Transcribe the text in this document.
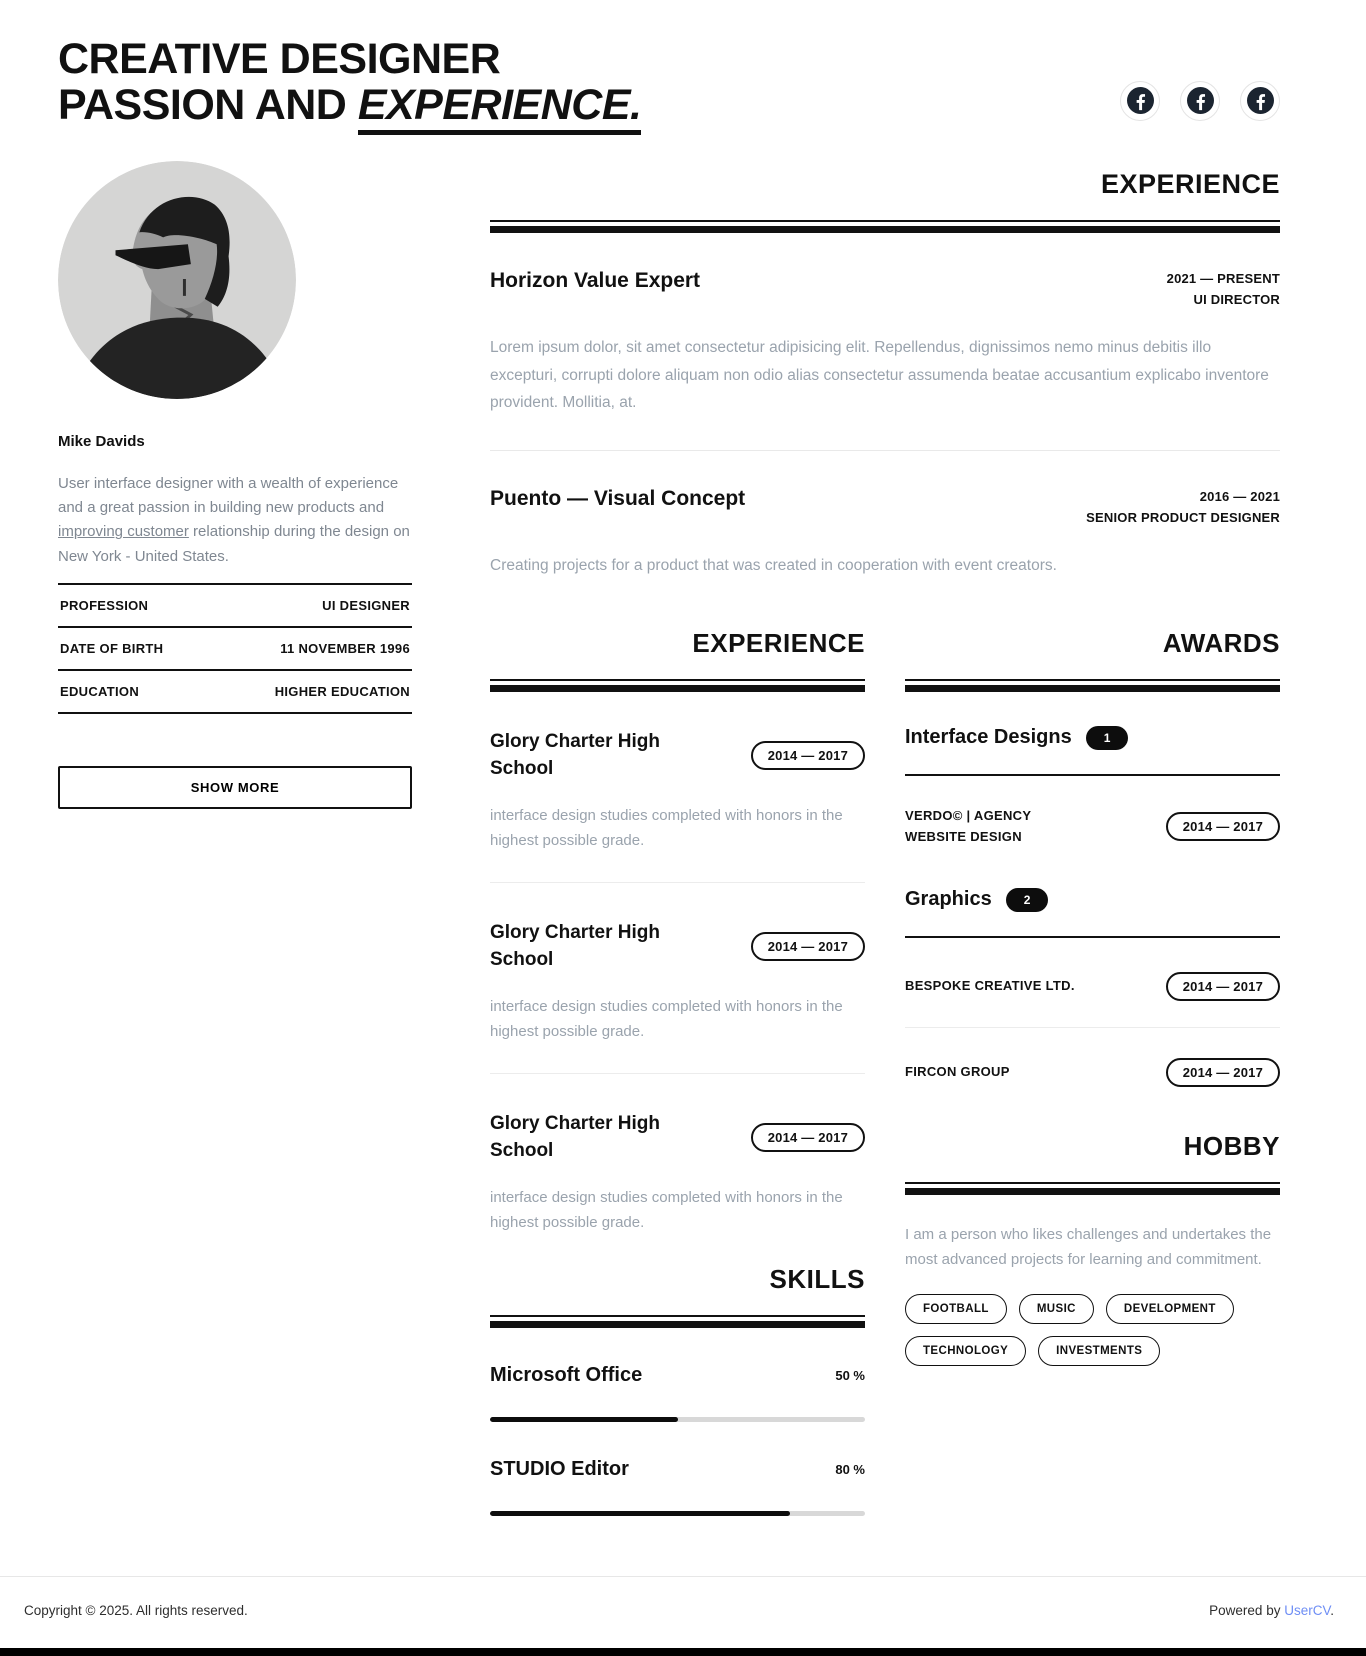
CREATIVE DESIGNER
PASSION AND EXPERIENCE.
Mike Davids

User interface designer with a wealth of experience and a great passion in building new products and improving customer relationship during the design on New York - United States.

PROFESSION	UI DESIGNER
DATE OF BIRTH	11 NOVEMBER 1996
EDUCATION	HIGHER EDUCATION
SHOW MORE
EXPERIENCE
Horizon Value Expert	2021 — PRESENT
UI DIRECTOR

Lorem ipsum dolor, sit amet consectetur adipisicing elit. Repellendus, dignissimos nemo minus debitis illo excepturi, corrupti dolore aliquam non odio alias consectetur assumenda beatae accusantium explicabo inventore provident. Mollitia, at.

Puento — Visual Concept	2016 — 2021
SENIOR PRODUCT DESIGNER

Creating projects for a product that was created in cooperation with event creators.

EXPERIENCE
Glory Charter High School
2014 — 2017

interface design studies completed with honors in the highest possible grade.

Glory Charter High School
2014 — 2017

interface design studies completed with honors in the highest possible grade.

Glory Charter High School
2014 — 2017

interface design studies completed with honors in the highest possible grade.

SKILLS
Microsoft Office	50 %
STUDIO Editor	80 %
AWARDS
Interface Designs	1
VERDO© | AGENCY WEBSITE DESIGN
2014 — 2017
Graphics	2
BESPOKE CREATIVE LTD.	2014 — 2017
FIRCON GROUP	2014 — 2017
HOBBY

I am a person who likes challenges and undertakes the most advanced projects for learning and commitment.

FOOTBALL	MUSIC	DEVELOPMENT
TECHNOLOGY	INVESTMENTS
Copyright © 2025. All rights reserved.	Powered by UserCV.
